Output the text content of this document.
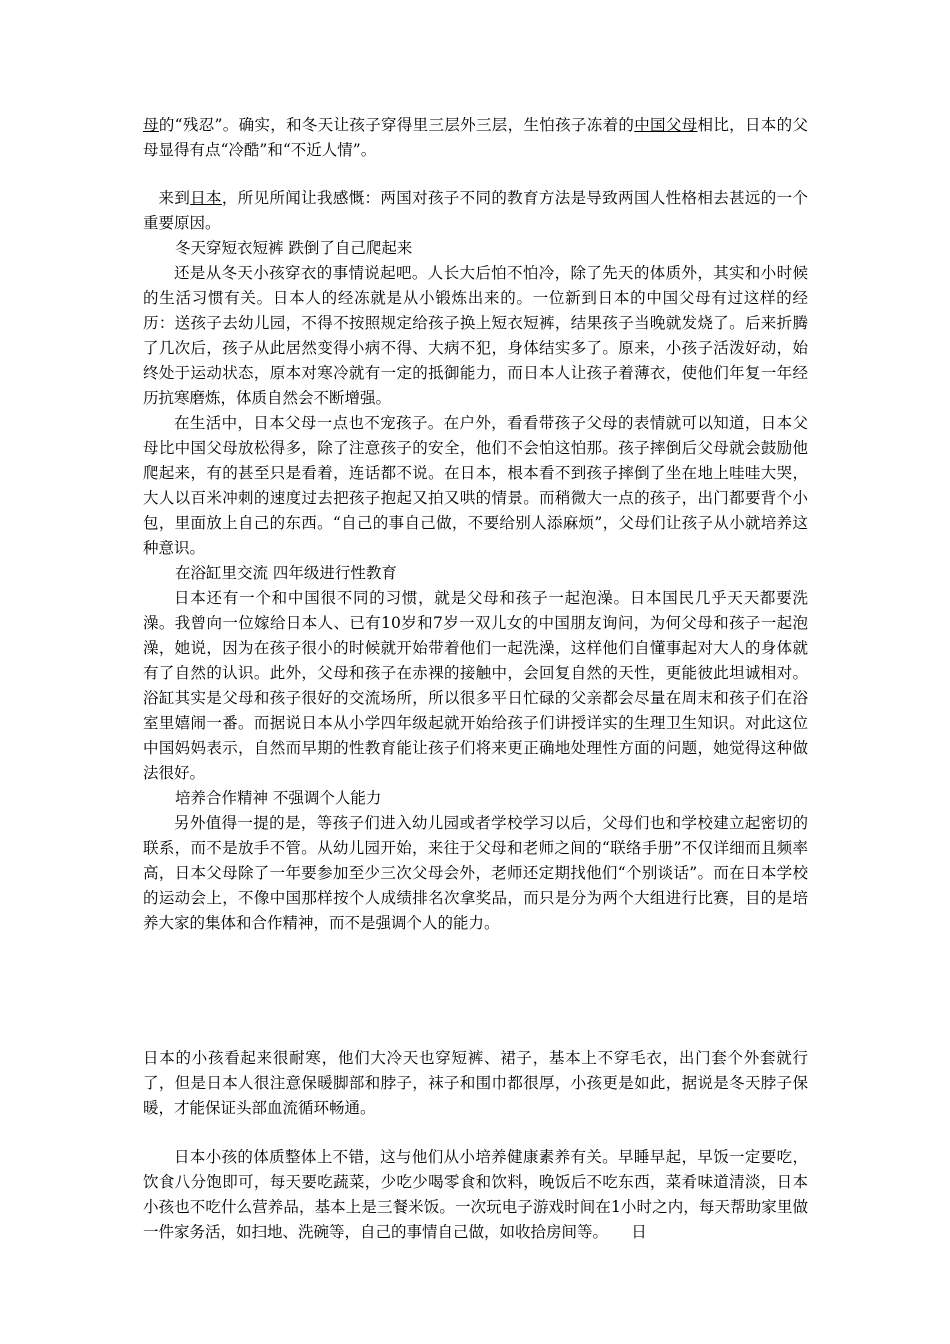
母的“残忍”。确实，和冬天让孩子穿得里三层外三层，生怕孩子冻着的中国父母相比，日本的父母显得有点“冷酷”和“不近人情”。

来到日本，所见所闻让我感慨：两国对孩子不同的教育方法是导致两国人性格相去甚远的一个重要原因。

冬天穿短衣短裤 跌倒了自己爬起来

还是从冬天小孩穿衣的事情说起吧。人长大后怕不怕冷，除了先天的体质外，其实和小时候的生活习惯有关。日本人的经冻就是从小锻炼出来的。一位新到日本的中国父母有过这样的经历：送孩子去幼儿园，不得不按照规定给孩子换上短衣短裤，结果孩子当晚就发烧了。后来折腾了几次后，孩子从此居然变得小病不得、大病不犯，身体结实多了。原来，小孩子活泼好动，始终处于运动状态，原本对寒冷就有一定的抵御能力，而日本人让孩子着薄衣，使他们年复一年经历抗寒磨炼，体质自然会不断增强。

在生活中，日本父母一点也不宠孩子。在户外，看看带孩子父母的表情就可以知道，日本父母比中国父母放松得多，除了注意孩子的安全，他们不会怕这怕那。孩子摔倒后父母就会鼓励他爬起来，有的甚至只是看着，连话都不说。在日本，根本看不到孩子摔倒了坐在地上哇哇大哭，大人以百米冲刺的速度过去把孩子抱起又拍又哄的情景。而稍微大一点的孩子，出门都要背个小包，里面放上自己的东西。“自己的事自己做，不要给别人添麻烦”，父母们让孩子从小就培养这种意识。

在浴缸里交流 四年级进行性教育

日本还有一个和中国很不同的习惯，就是父母和孩子一起泡澡。日本国民几乎天天都要洗澡。我曾向一位嫁给日本人、已有10岁和7岁一双儿女的中国朋友询问，为何父母和孩子一起泡澡，她说，因为在孩子很小的时候就开始带着他们一起洗澡，这样他们自懂事起对大人的身体就有了自然的认识。此外，父母和孩子在赤裸的接触中，会回复自然的天性，更能彼此坦诚相对。浴缸其实是父母和孩子很好的交流场所，所以很多平日忙碌的父亲都会尽量在周末和孩子们在浴室里嬉闹一番。而据说日本从小学四年级起就开始给孩子们讲授详实的生理卫生知识。对此这位中国妈妈表示，自然而早期的性教育能让孩子们将来更正确地处理性方面的问题，她觉得这种做法很好。

培养合作精神 不强调个人能力

另外值得一提的是，等孩子们进入幼儿园或者学校学习以后，父母们也和学校建立起密切的联系，而不是放手不管。从幼儿园开始，来往于父母和老师之间的“联络手册”不仅详细而且频率高，日本父母除了一年要参加至少三次父母会外，老师还定期找他们“个别谈话”。而在日本学校的运动会上，不像中国那样按个人成绩排名次拿奖品，而只是分为两个大组进行比赛，目的是培养大家的集体和合作精神，而不是强调个人的能力。

日本的小孩看起来很耐寒，他们大冷天也穿短裤、裙子，基本上不穿毛衣，出门套个外套就行了，但是日本人很注意保暖脚部和脖子，袜子和围巾都很厚，小孩更是如此，据说是冬天脖子保暖，才能保证头部血流循环畅通。

日本小孩的体质整体上不错，这与他们从小培养健康素养有关。早睡早起，早饭一定要吃，饮食八分饱即可，每天要吃蔬菜，少吃少喝零食和饮料，晚饭后不吃东西，菜肴味道清淡，日本小孩也不吃什么营养品，基本上是三餐米饭。一次玩电子游戏时间在1小时之内，每天帮助家里做一件家务活，如扫地、洗碗等，自己的事情自己做，如收拾房间等。　　日
